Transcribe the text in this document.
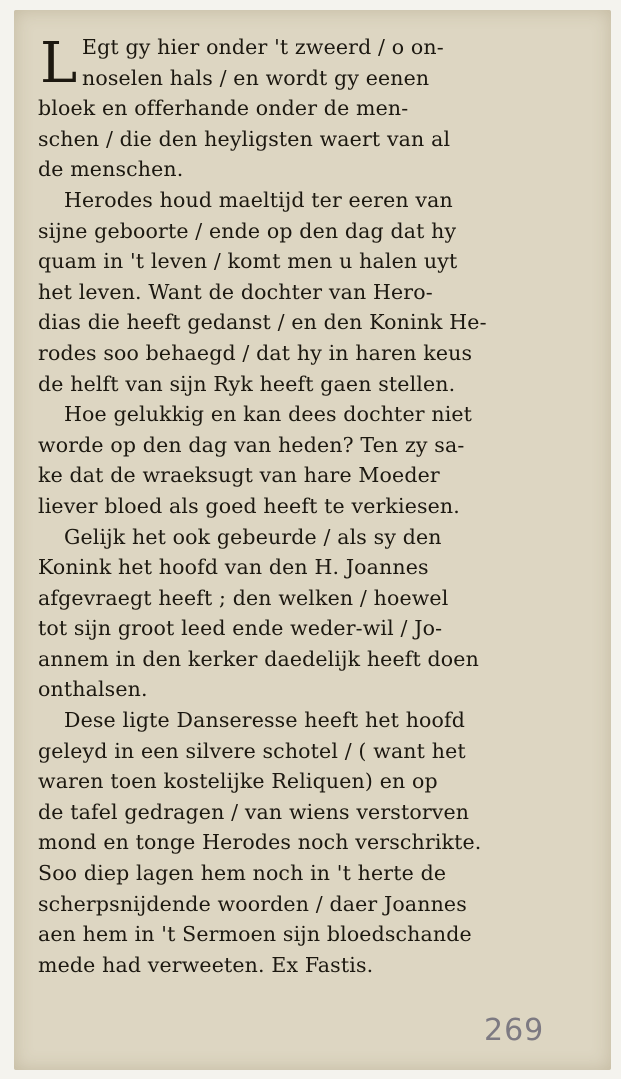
L Egt gy hier onder 't zweerd / o on-
noselen hals / en wordt gy eenen
bloek en offerhande onder de men-
schen / die den heyligsten waert van al
de menschen.
Herodes houd maeltijd ter eeren van
sijne geboorte / ende op den dag dat hy
quam in 't leven / komt men u halen uyt
het leven. Want de dochter van Hero-
dias die heeft gedanst / en den Konink He-
rodes soo behaegd / dat hy in haren keus
de helft van sijn Ryk heeft gaen stellen.
Hoe gelukkig en kan dees dochter niet
worde op den dag van heden? Ten zy sa-
ke dat de wraeksugt van hare Moeder
liever bloed als goed heeft te verkiesen.
Gelijk het ook gebeurde / als sy den
Konink het hoofd van den H. Joannes
afgevraegt heeft ; den welken / hoewel
tot sijn groot leed ende weder-wil / Jo-
annem in den kerker daedelijk heeft doen
onthalsen.
Dese ligte Danseresse heeft het hoofd
geleyd in een silvere schotel / ( want het
waren toen kostelijke Reliquen) en op
de tafel gedragen / van wiens verstorven
mond en tonge Herodes noch verschrikte.
Soo diep lagen hem noch in 't herte de
scherpsnijdende woorden / daer Joannes
aen hem in 't Sermoen sijn bloedschande
mede had verweeten. Ex Fastis.
269
